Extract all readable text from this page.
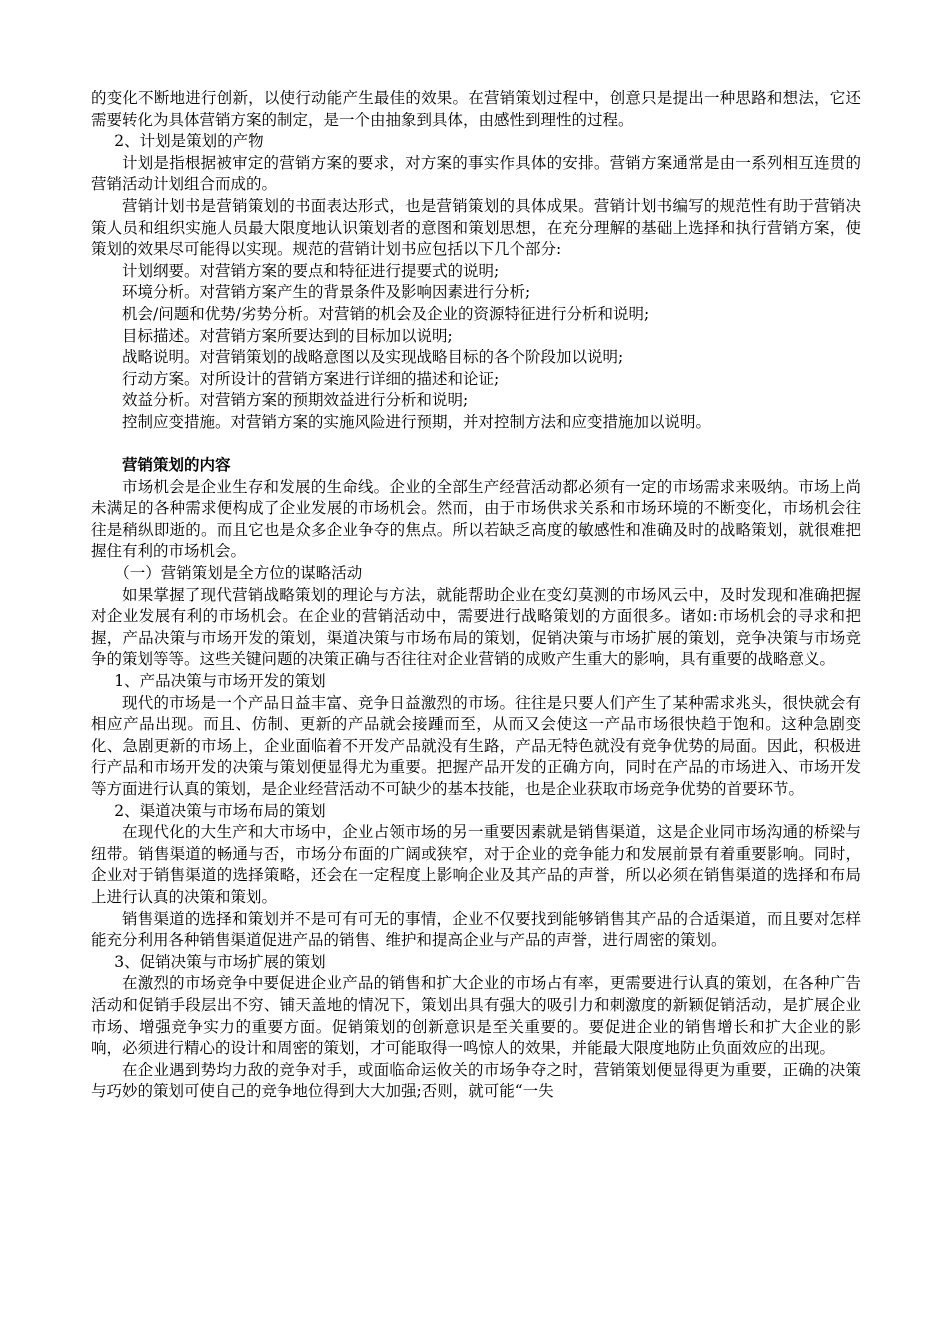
的变化不断地进行创新，以使行动能产生最佳的效果。在营销策划过程中，创意只是提出一种思路和想法，它还需要转化为具体营销方案的制定，是一个由抽象到具体，由感性到理性的过程。

2、计划是策划的产物

计划是指根据被审定的营销方案的要求，对方案的事实作具体的安排。营销方案通常是由一系列相互连贯的营销活动计划组合而成的。

营销计划书是营销策划的书面表达形式，也是营销策划的具体成果。营销计划书编写的规范性有助于营销决策人员和组织实施人员最大限度地认识策划者的意图和策划思想，在充分理解的基础上选择和执行营销方案，使策划的效果尽可能得以实现。规范的营销计划书应包括以下几个部分:

计划纲要。对营销方案的要点和特征进行提要式的说明;

环境分析。对营销方案产生的背景条件及影响因素进行分析;

机会/问题和优势/劣势分析。对营销的机会及企业的资源特征进行分析和说明;

目标描述。对营销方案所要达到的目标加以说明;

战略说明。对营销策划的战略意图以及实现战略目标的各个阶段加以说明;

行动方案。对所设计的营销方案进行详细的描述和论证;

效益分析。对营销方案的预期效益进行分析和说明;

控制应变措施。对营销方案的实施风险进行预期，并对控制方法和应变措施加以说明。

营销策划的内容

市场机会是企业生存和发展的生命线。企业的全部生产经营活动都必须有一定的市场需求来吸纳。市场上尚未满足的各种需求便构成了企业发展的市场机会。然而，由于市场供求关系和市场环境的不断变化，市场机会往往是稍纵即逝的。而且它也是众多企业争夺的焦点。所以若缺乏高度的敏感性和准确及时的战略策划，就很难把握住有利的市场机会。

（一）营销策划是全方位的谋略活动

如果掌握了现代营销战略策划的理论与方法，就能帮助企业在变幻莫测的市场风云中，及时发现和准确把握对企业发展有利的市场机会。在企业的营销活动中，需要进行战略策划的方面很多。诸如:市场机会的寻求和把握，产品决策与市场开发的策划，渠道决策与市场布局的策划，促销决策与市场扩展的策划，竞争决策与市场竞争的策划等等。这些关键问题的决策正确与否往往对企业营销的成败产生重大的影响，具有重要的战略意义。

1、产品决策与市场开发的策划

现代的市场是一个产品日益丰富、竞争日益激烈的市场。往往是只要人们产生了某种需求兆头，很快就会有相应产品出现。而且、仿制、更新的产品就会接踵而至，从而又会使这一产品市场很快趋于饱和。这种急剧变化、急剧更新的市场上，企业面临着不开发产品就没有生路，产品无特色就没有竞争优势的局面。因此，积极进行产品和市场开发的决策与策划便显得尤为重要。把握产品开发的正确方向，同时在产品的市场进入、市场开发等方面进行认真的策划，是企业经营活动不可缺少的基本技能，也是企业获取市场竞争优势的首要环节。

2、渠道决策与市场布局的策划

在现代化的大生产和大市场中，企业占领市场的另一重要因素就是销售渠道，这是企业同市场沟通的桥梁与纽带。销售渠道的畅通与否，市场分布面的广阔或狭窄，对于企业的竞争能力和发展前景有着重要影响。同时，企业对于销售渠道的选择策略，还会在一定程度上影响企业及其产品的声誉，所以必须在销售渠道的选择和布局上进行认真的决策和策划。

销售渠道的选择和策划并不是可有可无的事情，企业不仅要找到能够销售其产品的合适渠道，而且要对怎样能充分利用各种销售渠道促进产品的销售、维护和提高企业与产品的声誉，进行周密的策划。

3、促销决策与市场扩展的策划

在激烈的市场竞争中要促进企业产品的销售和扩大企业的市场占有率，更需要进行认真的策划，在各种广告活动和促销手段层出不穷、铺天盖地的情况下，策划出具有强大的吸引力和刺激度的新颖促销活动，是扩展企业市场、增强竞争实力的重要方面。促销策划的创新意识是至关重要的。要促进企业的销售增长和扩大企业的影响，必须进行精心的设计和周密的策划，才可能取得一鸣惊人的效果，并能最大限度地防止负面效应的出现。

在企业遇到势均力敌的竞争对手，或面临命运攸关的市场争夺之时，营销策划便显得更为重要，正确的决策与巧妙的策划可使自己的竞争地位得到大大加强;否则，就可能“一失
